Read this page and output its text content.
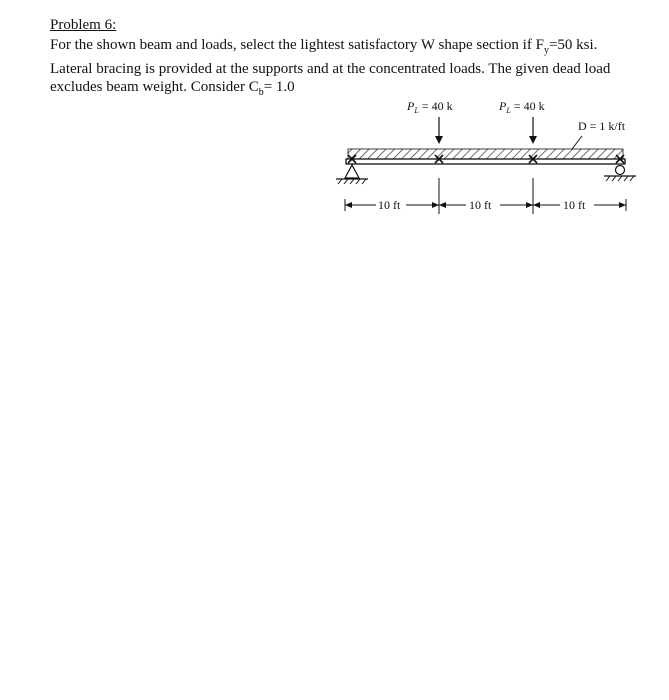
Problem 6:
For the shown beam and loads, select the lightest satisfactory W shape section if $F_y=50$ ksi.
Lateral bracing is provided at the supports and at the concentrated loads. The given dead load
excludes beam weight. Consider $C_b= 1.0$
$P_L = 40$ k	$P_L = 40$ k
D = 1 k/ft
10 ft	10 ft	10 ft
